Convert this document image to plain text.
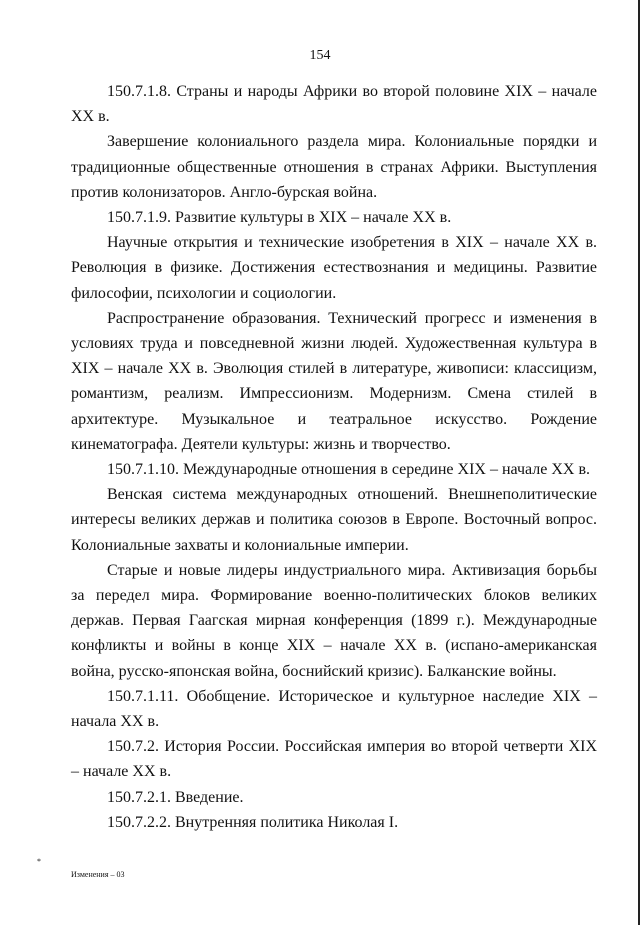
154

150.7.1.8. Страны и народы Африки во второй половине XIX – начале XX в.

Завершение колониального раздела мира. Колониальные порядки и традиционные общественные отношения в странах Африки. Выступления против колонизаторов. Англо-бурская война.

150.7.1.9. Развитие культуры в XIX – начале XX в.

Научные открытия и технические изобретения в XIX – начале XX в. Революция в физике. Достижения естествознания и медицины. Развитие философии, психологии и социологии.

Распространение образования. Технический прогресс и изменения в условиях труда и повседневной жизни людей. Художественная культура в XIX – начале XX в. Эволюция стилей в литературе, живописи: классицизм, романтизм, реализм. Импрессионизм. Модернизм. Смена стилей в архитектуре. Музыкальное и театральное искусство. Рождение кинематографа. Деятели культуры: жизнь и творчество.

150.7.1.10. Международные отношения в середине XIX – начале XX в.

Венская система международных отношений. Внешнеполитические интересы великих держав и политика союзов в Европе. Восточный вопрос. Колониальные захваты и колониальные империи.

Старые и новые лидеры индустриального мира. Активизация борьбы за передел мира. Формирование военно-политических блоков великих держав. Первая Гаагская мирная конференция (1899 г.). Международные конфликты и войны в конце XIX – начале XX в. (испано-американская война, русско-японская война, боснийский кризис). Балканские войны.

150.7.1.11. Обобщение. Историческое и культурное наследие XIX – начала XX в.

150.7.2. История России. Российская империя во второй четверти XIX – начале XX в.

150.7.2.1. Введение.

150.7.2.2. Внутренняя политика Николая I.

*
Изменения – 03
